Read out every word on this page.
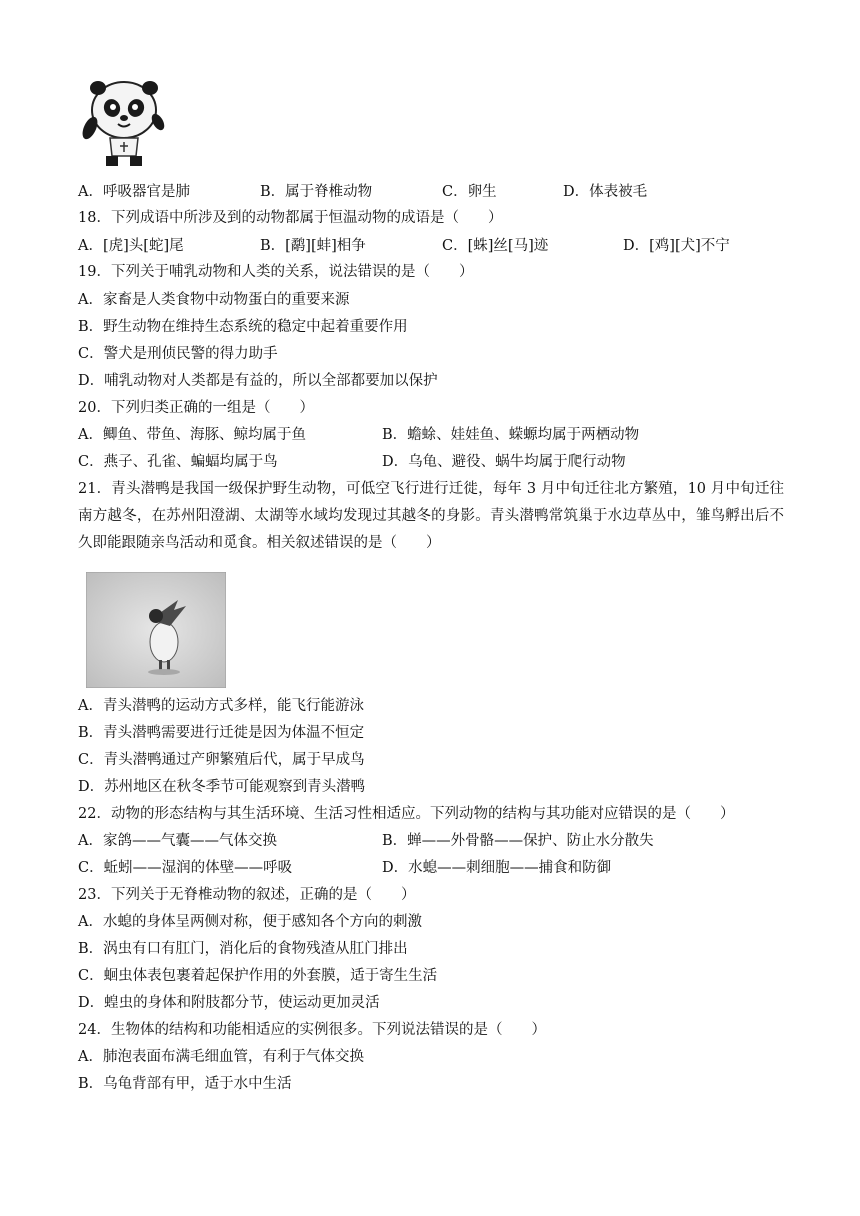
A．呼吸器官是肺	B．属于脊椎动物	C．卵生	D．体表被毛
18．下列成语中所涉及到的动物都属于恒温动物的成语是（　　）
A．[虎]头[蛇]尾	B．[鹬][蚌]相争	C．[蛛]丝[马]迹	D．[鸡][犬]不宁
19．下列关于哺乳动物和人类的关系，说法错误的是（　　）
A．家畜是人类食物中动物蛋白的重要来源
B．野生动物在维持生态系统的稳定中起着重要作用
C．警犬是刑侦民警的得力助手
D．哺乳动物对人类都是有益的，所以全部都要加以保护
20．下列归类正确的一组是（　　）
A．鲫鱼、带鱼、海豚、鲸均属于鱼	B．蟾蜍、娃娃鱼、蝾螈均属于两栖动物
C．燕子、孔雀、蝙蝠均属于鸟	D．乌龟、避役、蜗牛均属于爬行动物
21．青头潜鸭是我国一级保护野生动物，可低空飞行进行迁徙，每年 3 月中旬迁往北方繁殖，10 月中旬迁往南方越冬，在苏州阳澄湖、太湖等水域均发现过其越冬的身影。青头潜鸭常筑巢于水边草丛中，雏鸟孵出后不久即能跟随亲鸟活动和觅食。相关叙述错误的是（　　）
A．青头潜鸭的运动方式多样，能飞行能游泳
B．青头潜鸭需要进行迁徙是因为体温不恒定
C．青头潜鸭通过产卵繁殖后代，属于早成鸟
D．苏州地区在秋冬季节可能观察到青头潜鸭
22．动物的形态结构与其生活环境、生活习性相适应。下列动物的结构与其功能对应错误的是（　　）
A．家鸽——气囊——气体交换	B．蝉——外骨骼——保护、防止水分散失
C．蚯蚓——湿润的体壁——呼吸	D．水螅——刺细胞——捕食和防御
23．下列关于无脊椎动物的叙述，正确的是（　　）
A．水螅的身体呈两侧对称，便于感知各个方向的刺激
B．涡虫有口有肛门，消化后的食物残渣从肛门排出
C．蛔虫体表包裹着起保护作用的外套膜，适于寄生生活
D．蝗虫的身体和附肢都分节，使运动更加灵活
24．生物体的结构和功能相适应的实例很多。下列说法错误的是（　　）
A．肺泡表面布满毛细血管，有利于气体交换
B．乌龟背部有甲，适于水中生活
